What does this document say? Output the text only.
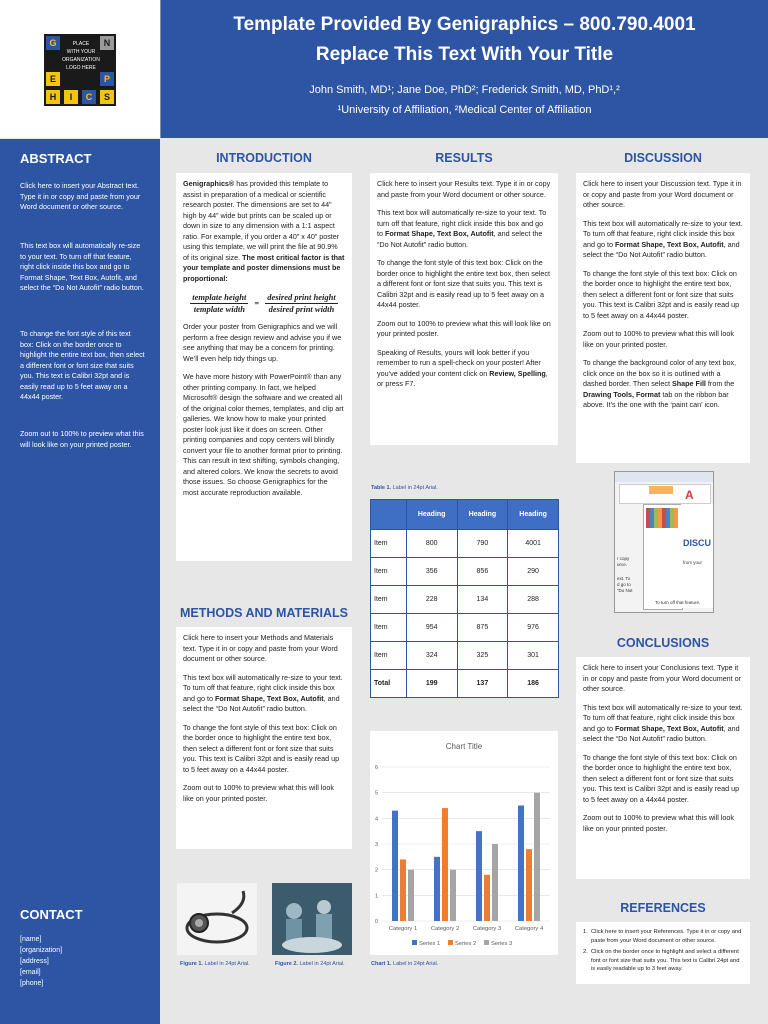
G	N
E	P
H	I	C	S
PLACE
WITH YOUR
ORGANIZATION
LOGO HERE
Template Provided By Genigraphics – 800.790.4001
Replace This Text With Your Title
John Smith, MD¹; Jane Doe, PhD²; Frederick Smith, MD, PhD¹,²
¹University of Affiliation, ²Medical Center of Affiliation
ABSTRACT
Click here to insert your Abstract text. Type it in or copy and paste from your Word document or other source.
This text box will automatically re-size to your text. To turn off that feature, right click inside this box and go to Format Shape, Text Box, Autofit, and select the “Do Not Autofit” radio button.
To change the font style of this text box: Click on the border once to highlight the entire text box, then select a different font or font size that suits you. This text is Calibri 32pt and is easily read up to 5 feet away on a 44x44 poster.
Zoom out to 100% to preview what this will look like on your printed poster.
CONTACT
[name]
[organization]
[address]
[email]
[phone]
INTRODUCTION

Genigraphics® has provided this template to assist in preparation of a medical or scientific research poster. The dimensions are set to 44” high by 44” wide but prints can be scaled up or down in size to any dimension with a 1:1 aspect ratio. For example, if you order a 40” x 40” poster using this template, we will print the file at 90.9% of its original size. The most critical factor is that your template and poster dimensions must be proportional:

template height
template width
=
desired print height
desired print width

Order your poster from Genigraphics and we will perform a free design review and advise you if we see anything that may be a concern for printing. We’ll even help tidy things up.

We have more history with PowerPoint® than any other printing company. In fact, we helped Microsoft® design the software and we created all of the original color themes, templates, and clip art galleries. We know how to make your printed poster look just like it does on screen. Other printing companies and copy centers will blindly convert your file to another format prior to printing. This can result in text shifting, symbols changing, and altered colors. We know the secrets to avoid those issues. So choose Genigraphics for the most accurate reproduction available.

METHODS AND MATERIALS

Click here to insert your Methods and Materials text. Type it in or copy and paste from your Word document or other source.

This text box will automatically re-size to your text. To turn off that feature, right click inside this box and go to Format Shape, Text Box, Autofit, and select the “Do Not Autofit” radio button.

To change the font style of this text box: Click on the border once to highlight the entire text box, then select a different font or font size that suits you. This text is Calibri 32pt and is easily read up to 5 feet away on a 44x44 poster.

Zoom out to 100% to preview what this will look like on your printed poster.

Figure 1. Label in 24pt Arial.	Figure 2. Label in 24pt Arial.
RESULTS

Click here to insert your Results text. Type it in or copy and paste from your Word document or other source.

This text box will automatically re-size to your text. To turn off that feature, right click inside this box and go to Format Shape, Text Box, Autofit, and select the “Do Not Autofit” radio button.

To change the font style of this text box: Click on the border once to highlight the entire text box, then select a different font or font size that suits you. This text is Calibri 32pt and is easily read up to 5 feet away on a 44x44 poster.

Zoom out to 100% to preview what this will look like on your printed poster.

Speaking of Results, yours will look better if you remember to run a spell-check on your poster! After you’ve added your content click on Review, Spelling, or press F7.

Table 1. Label in 24pt Arial.
	Heading	Heading	Heading
Item	800	790	4001
Item	356	856	290
Item	228	134	288
Item	954	875	976
Item	324	325	301
Total	199	137	186
Chart Title
0
1
2
3
4
5
6
Category 1 Category 2 Category 3 Category 4
Series 1	Series 2	Series 3
Chart 1. Label in 24pt Arial.
DISCUSSION

Click here to insert your Discussion text. Type it in or copy and paste from your Word document or other source.

This text box will automatically re-size to your text. To turn off that feature, right click inside this box and go to Format Shape, Text Box, Autofit, and select the “Do Not Autofit” radio button.

To change the font style of this text box: Click on the border once to highlight the entire text box, then select a different font or font size that suits you. This text is Calibri 32pt and is easily read up to 5 feet away on a 44x44 poster.

Zoom out to 100% to preview what this will look like on your printed poster.

To change the background color of any text box, click once on the box so it is outlined with a dashed border. Then select Shape Fill from the Drawing Tools, Format tab on the ribbon bar above. It’s the one with the ‘paint can’ icon.

A
DISCU
r copy
urce.
ext. To
d go to
“Do Not
To turn off that feature,
from your
CONCLUSIONS

Click here to insert your Conclusions text. Type it in or copy and paste from your Word document or other source.

This text box will automatically re-size to your text. To turn off that feature, right click inside this box and go to Format Shape, Text Box, Autofit, and select the “Do Not Autofit” radio button.

To change the font style of this text box: Click on the border once to highlight the entire text box, then select a different font or font size that suits you. This text is Calibri 32pt and is easily read up to 5 feet away on a 44x44 poster.

Zoom out to 100% to preview what this will look like on your printed poster.

REFERENCES
1. Click here to insert your References. Type it in or copy and paste from your Word document or other source.
2. Click on the border once to highlight and select a different font or font size that suits you. This text is Calibri 24pt and is easily readable up to 3 feet away.
